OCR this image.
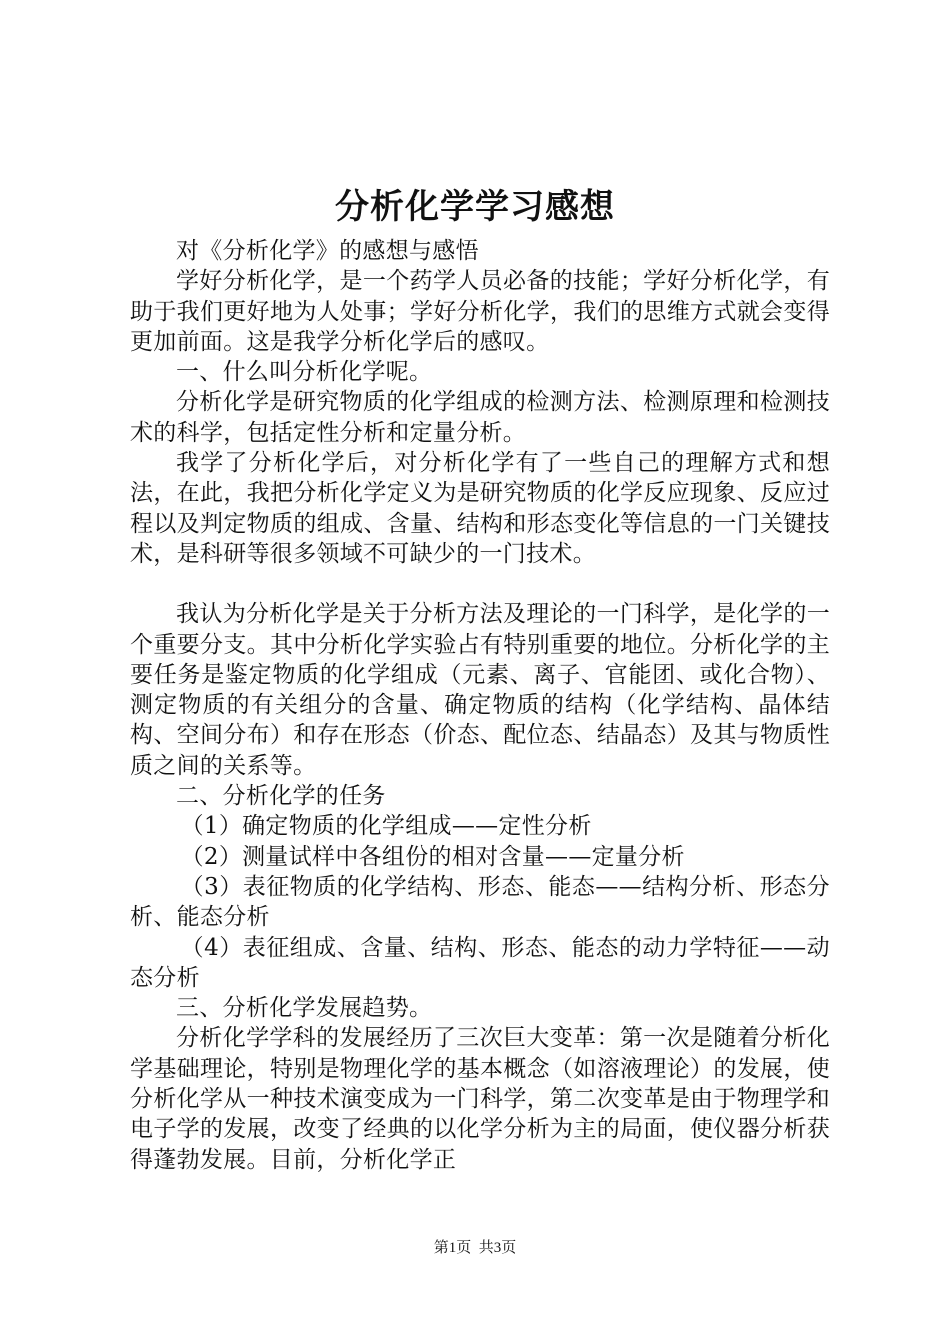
分析化学学习感想

对《分析化学》的感想与感悟

学好分析化学，是一个药学人员必备的技能；学好分析化学，有助于我们更好地为人处事；学好分析化学，我们的思维方式就会变得更加前面。这是我学分析化学后的感叹。

一、什么叫分析化学呢。

分析化学是研究物质的化学组成的检测方法、检测原理和检测技术的科学，包括定性分析和定量分析。

我学了分析化学后，对分析化学有了一些自己的理解方式和想法，在此，我把分析化学定义为是研究物质的化学反应现象、反应过程以及判定物质的组成、含量、结构和形态变化等信息的一门关键技术，是科研等很多领域不可缺少的一门技术。

我认为分析化学是关于分析方法及理论的一门科学，是化学的一个重要分支。其中分析化学实验占有特别重要的地位。分析化学的主要任务是鉴定物质的化学组成（元素、离子、官能团、或化合物）、测定物质的有关组分的含量、确定物质的结构（化学结构、晶体结构、空间分布）和存在形态（价态、配位态、结晶态）及其与物质性质之间的关系等。

二、分析化学的任务

（1）确定物质的化学组成——定性分析

（2）测量试样中各组份的相对含量——定量分析

（3）表征物质的化学结构、形态、能态——结构分析、形态分析、能态分析

（4）表征组成、含量、结构、形态、能态的动力学特征——动态分析

三、分析化学发展趋势。

分析化学学科的发展经历了三次巨大变革：第一次是随着分析化学基础理论，特别是物理化学的基本概念（如溶液理论）的发展，使分析化学从一种技术演变成为一门科学，第二次变革是由于物理学和电子学的发展，改变了经典的以化学分析为主的局面，使仪器分析获得蓬勃发展。目前，分析化学正

第1页 共3页
